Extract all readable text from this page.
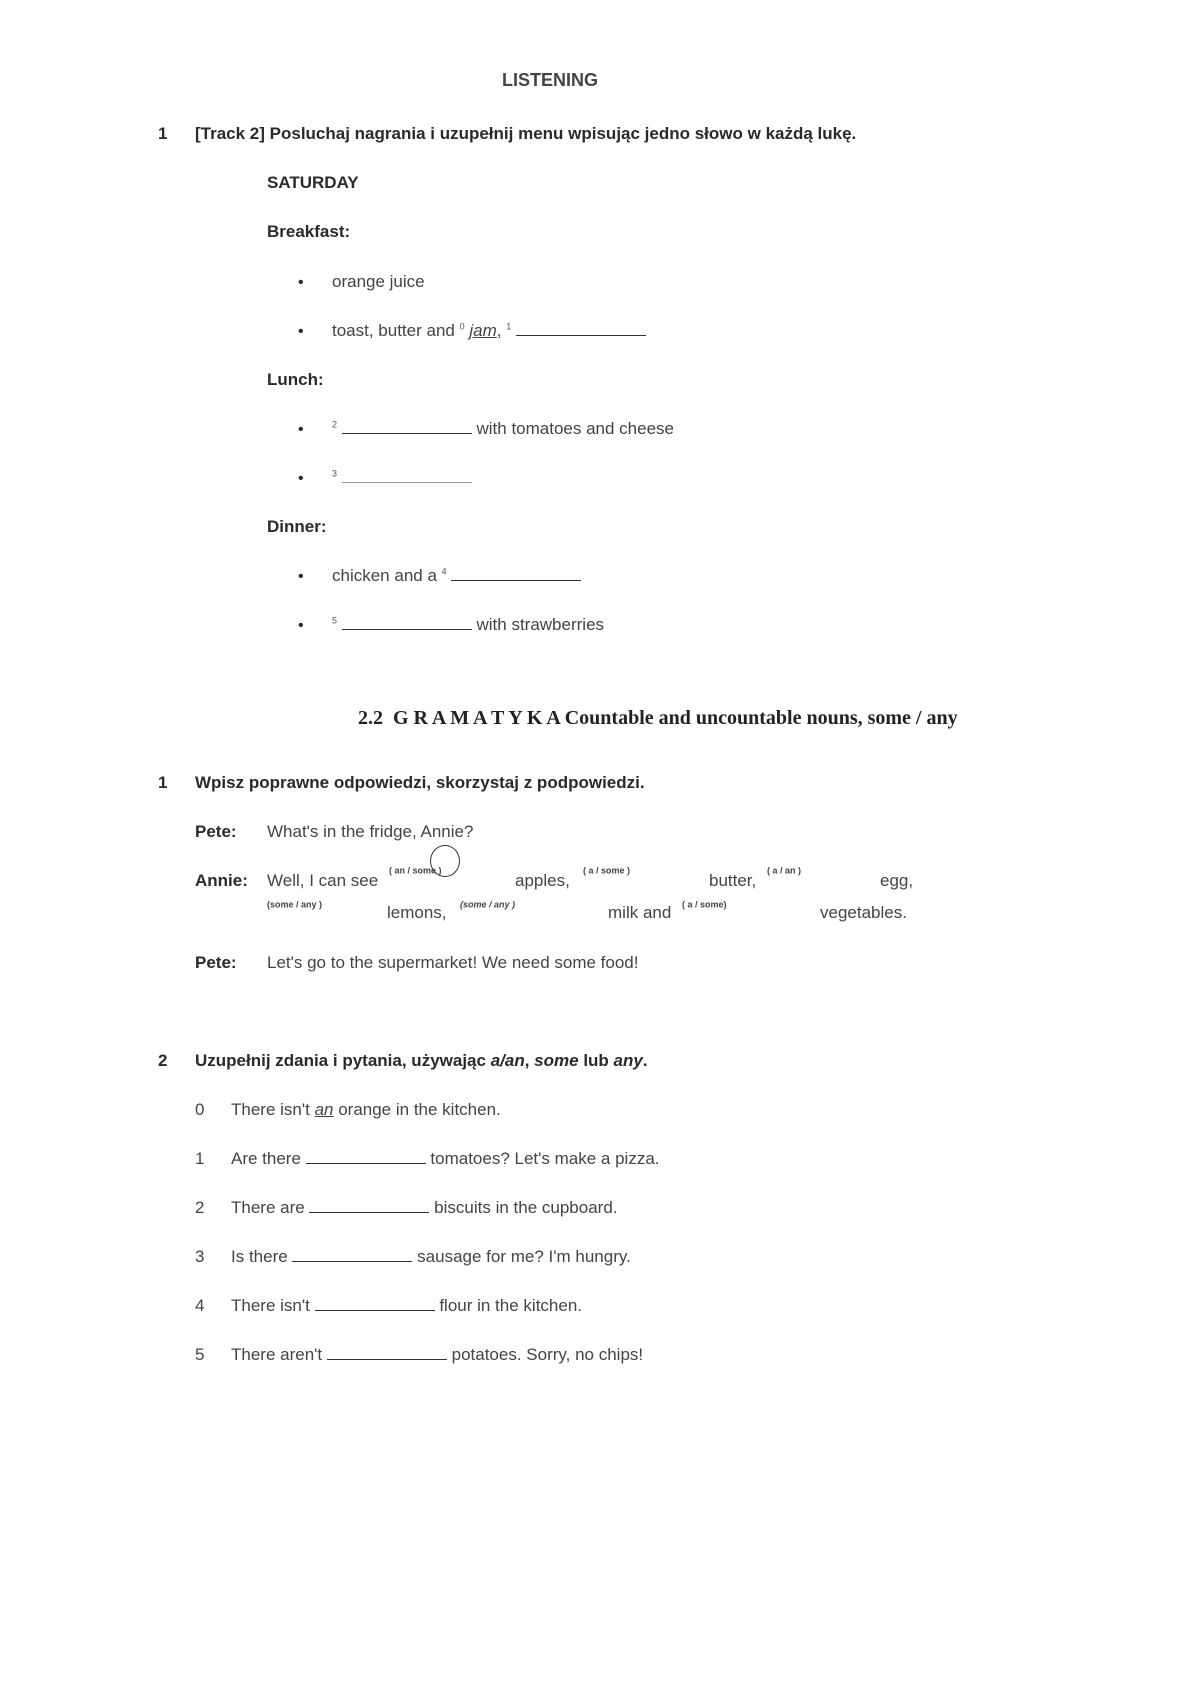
LISTENING
1 [Track 2] Posluchaj nagrania i uzupełnij menu wpisując jedno słowo w każdą lukę.
SATURDAY
Breakfast:
• orange juice
• toast, butter and $^0$ jam, $^1$
Lunch:
•	$^2$	with tomatoes and cheese
•	$^3$
Dinner:
• chicken and a $^4$
•	$^5$	with strawberries
2.2 G R A M A T Y K A Countable and uncountable nouns, some / any
1 Wpisz poprawne odpowiedzi, skorzystaj z podpowiedzi.
Pete: What's in the fridge, Annie?
Annie: Well, I can see
$^{( an / some )}$
apples,
$^{( a / some )}$
butter,
$^{( a / an )}$
egg,
$^{(some / any )}$	lemons, $^{(some / any )}$	milk and $^{( a / some)}$	vegetables.
Pete: Let's go to the supermarket! We need some food!
2 Uzupełnij zdania i pytania, używając a/an, some lub any.
0 There isn't an orange in the kitchen.
1 Are there	tomatoes? Let's make a pizza.
2 There are	biscuits in the cupboard.
3 Is there	sausage for me? I'm hungry.
4 There isn't	flour in the kitchen.
5 There aren't	potatoes. Sorry, no chips!
